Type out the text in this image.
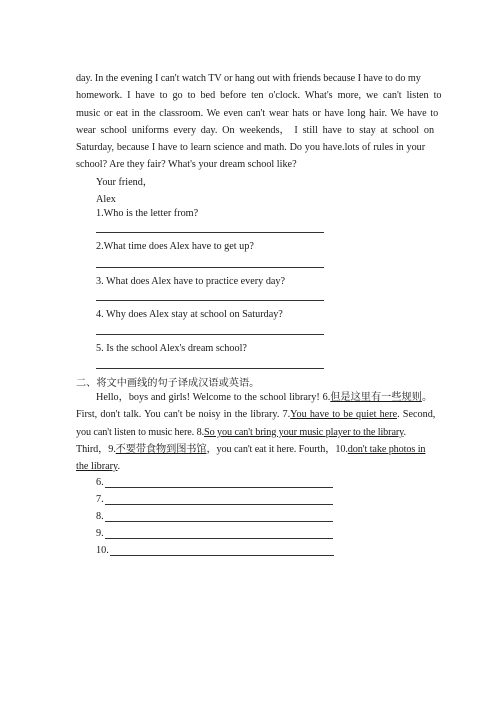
day. In the evening I can't watch TV or hang out with friends because I have to do my
homework. I have to go to bed before ten o'clock. What's more, we can't listen to
music or eat in the classroom. We even can't wear hats or have long hair. We have to
wear school uniforms every day. On weekends， I still have to stay at school on
Saturday, because I have to learn science and math. Do you have.lots of rules in your
school? Are they fair? What's your dream school like?
Your friend，
Alex
1.Who is the letter from?
2.What time does Alex have to get up?
3. What does Alex have to practice every day?
4. Why does Alex stay at school on Saturday?
5. Is the school Alex's dream school?
二、将文中画线的句子译成汉语或英语。
Hello，boys and girls! Welcome to the school library! 6.但是这里有一些规则。
First, don't talk. You can't be noisy in the library. 7.You have to be quiet here. Second,
you can't listen to music here. 8.So you can't bring your music player to the library.
Third，9.不要带食物到图书馆，you can't eat it here. Fourth，10.don't take photos in
the library.
6.
7.
8.
9.
10.
